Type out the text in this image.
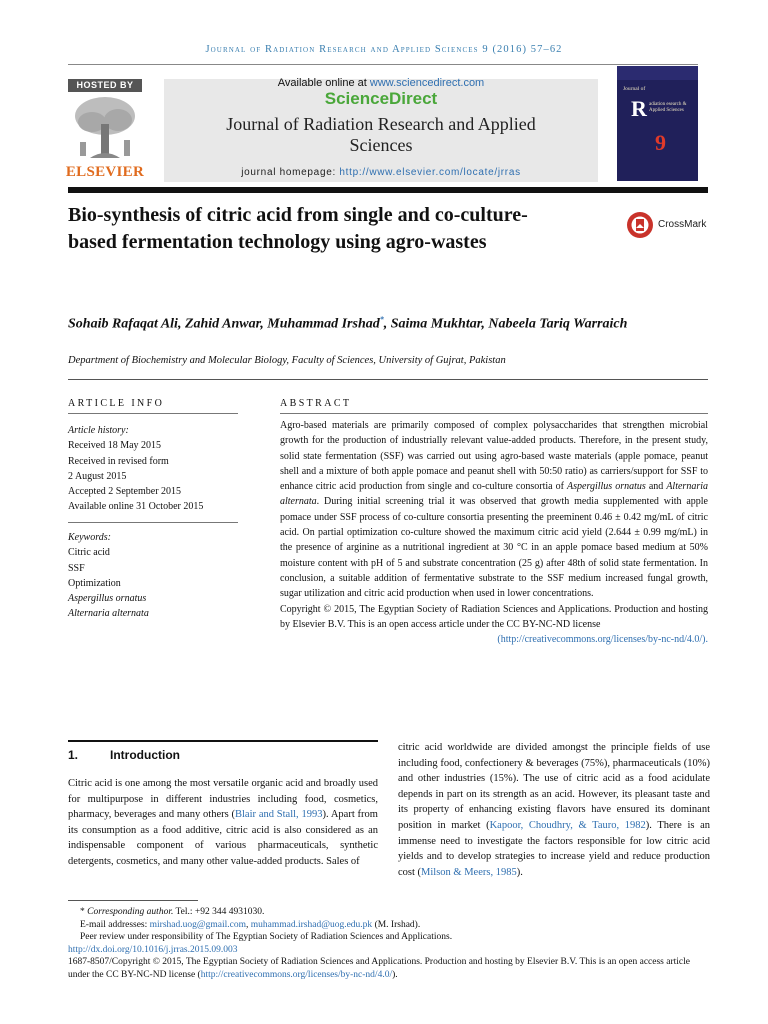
Journal of Radiation Research and Applied Sciences 9 (2016) 57–62
HOSTED BY
ELSEVIER
Available online at www.sciencedirect.com
ScienceDirect
Journal of Radiation Research and Applied
Sciences
journal homepage: http://www.elsevier.com/locate/jrras
Journal of
R adiation esearch & Applied Sciences
9
Bio-synthesis of citric acid from single and co-culture-based fermentation technology using agro-wastes
CrossMark
Sohaib Rafaqat Ali, Zahid Anwar, Muhammad Irshad*, Saima Mukhtar, Nabeela Tariq Warraich
Department of Biochemistry and Molecular Biology, Faculty of Sciences, University of Gujrat, Pakistan
ARTICLE INFO	ABSTRACT
Article history:
Received 18 May 2015
Received in revised form
2 August 2015
Accepted 2 September 2015
Available online 31 October 2015
Keywords:
Citric acid
SSF
Optimization
Aspergillus ornatus
Alternaria alternata

Agro-based materials are primarily composed of complex polysaccharides that strengthen microbial growth for the production of industrially relevant value-added products. Therefore, in the present study, solid state fermentation (SSF) was carried out using agro-based waste materials (apple pomace, peanut shell and a mixture of both apple pomace and peanut shell with 50:50 ratio) as carriers/support for SSF to enhance citric acid production from single and co-culture consortia of Aspergillus ornatus and Alternaria alternata. During initial screening trial it was observed that growth media supplemented with apple pomace under SSF process of co-culture consortia presenting the preeminent 0.46 ± 0.42 mg/mL of citric acid. On partial optimization co-culture showed the maximum citric acid yield (2.644 ± 0.99 mg/mL) in the presence of arginine as a nutritional ingredient at 30 °C in an apple pomace based medium at 50% moisture content with pH of 5 and substrate concentration (25 g) after 48th of solid state fermentation. In conclusion, a suitable addition of fermentative substrate to the SSF medium increased fungal growth, sugar utilization and citric acid production when used in lower concentrations.

Copyright © 2015, The Egyptian Society of Radiation Sciences and Applications. Production and hosting by Elsevier B.V. This is an open access article under the CC BY-NC-ND license
(http://creativecommons.org/licenses/by-nc-nd/4.0/).

1.	Introduction

Citric acid is one among the most versatile organic acid and broadly used for multipurpose in different industries including food, cosmetics, pharmacy, beverages and many others (Blair and Stall, 1993). Apart from its consumption as a food additive, citric acid is also considered as an indispensable component of various pharmaceuticals, synthetic detergents, cosmetics, and many other value-added products. Sales of

citric acid worldwide are divided amongst the principle fields of use including food, confectionery & beverages (75%), pharmaceuticals (10%) and other industries (15%). The use of citric acid as a food acidulate depends in part on its strength as an acid. However, its pleasant taste and its property of enhancing existing flavors have ensured its dominant position in market (Kapoor, Choudhry, & Tauro, 1982). There is an immense need to investigate the factors responsible for low citric acid yields and to develop strategies to increase yield and reduce production cost (Milson & Meers, 1985).

* Corresponding author. Tel.: +92 344 4931030.

E-mail addresses: mirshad.uog@gmail.com, muhammad.irshad@uog.edu.pk (M. Irshad).

Peer review under responsibility of The Egyptian Society of Radiation Sciences and Applications.

http://dx.doi.org/10.1016/j.jrras.2015.09.003

1687-8507/Copyright © 2015, The Egyptian Society of Radiation Sciences and Applications. Production and hosting by Elsevier B.V. This is an open access article under the CC BY-NC-ND license (http://creativecommons.org/licenses/by-nc-nd/4.0/).
